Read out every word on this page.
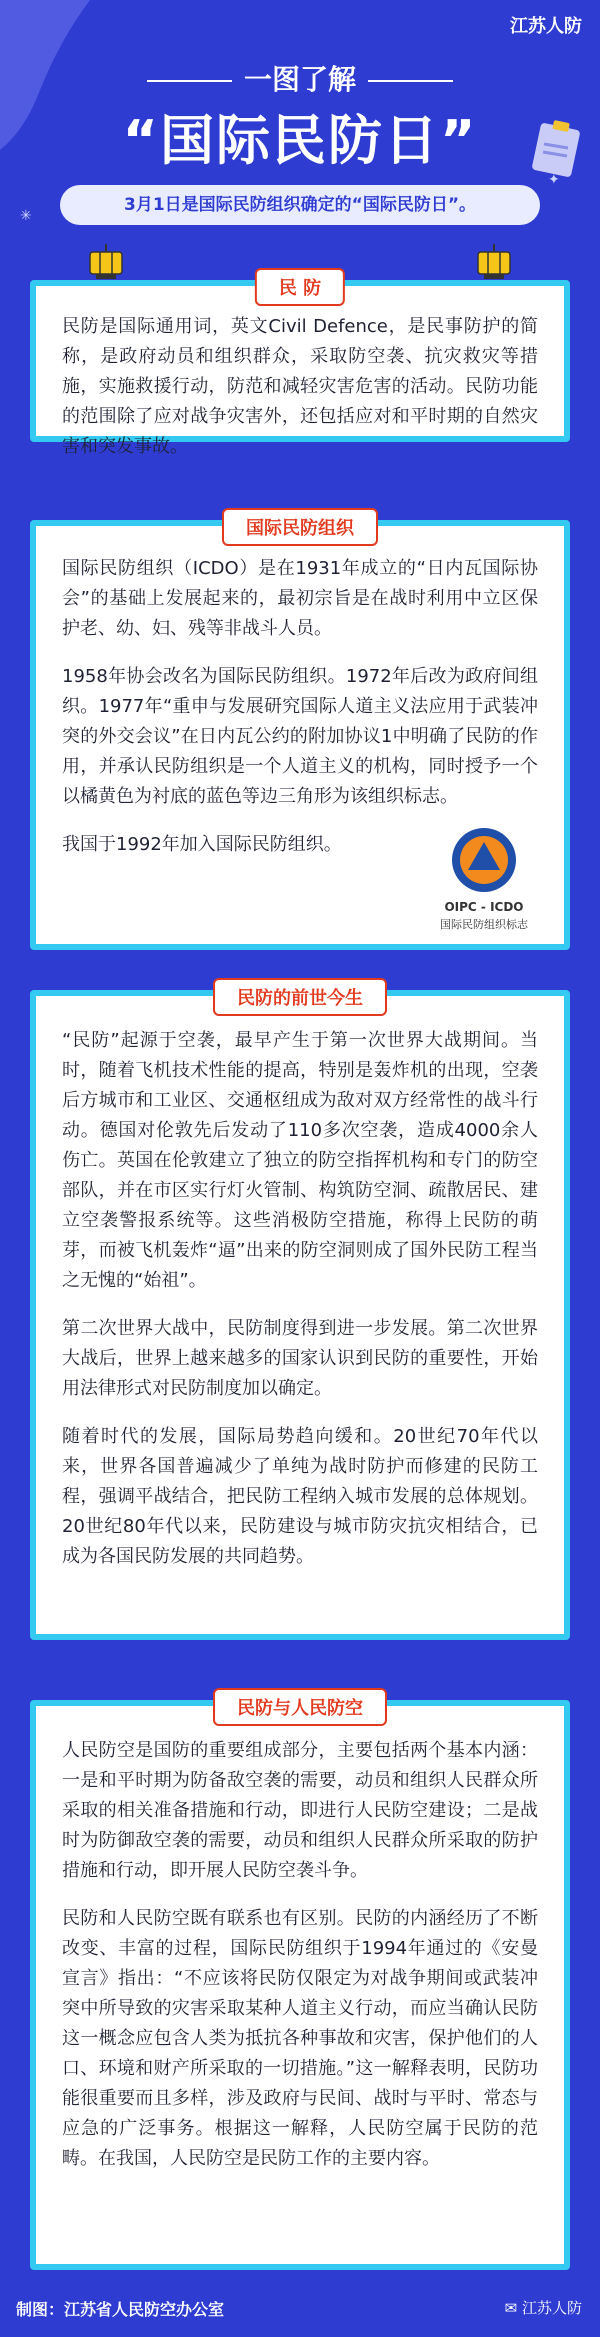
江苏人防
一图了解
“国际民防日”
✳
✦
3月1日是国际民防组织确定的“国际民防日”。
民 防

民防是国际通用词，英文Civil Defence，是民事防护的简称，是政府动员和组织群众，采取防空袭、抗灾救灾等措施，实施救援行动，防范和减轻灾害危害的活动。民防功能的范围除了应对战争灾害外，还包括应对和平时期的自然灾害和突发事故。

国际民防组织

国际民防组织（ICDO）是在1931年成立的“日内瓦国际协会”的基础上发展起来的，最初宗旨是在战时利用中立区保护老、幼、妇、残等非战斗人员。

1958年协会改名为国际民防组织。1972年后改为政府间组织。1977年“重申与发展研究国际人道主义法应用于武装冲突的外交会议”在日内瓦公约的附加协议1中明确了民防的作用，并承认民防组织是一个人道主义的机构，同时授予一个以橘黄色为衬底的蓝色等边三角形为该组织标志。

我国于1992年加入国际民防组织。

OIPC - ICDO
国际民防组织标志
民防的前世今生

“民防”起源于空袭，最早产生于第一次世界大战期间。当时，随着飞机技术性能的提高，特别是轰炸机的出现，空袭后方城市和工业区、交通枢纽成为敌对双方经常性的战斗行动。德国对伦敦先后发动了110多次空袭，造成4000余人伤亡。英国在伦敦建立了独立的防空指挥机构和专门的防空部队，并在市区实行灯火管制、构筑防空洞、疏散居民、建立空袭警报系统等。这些消极防空措施，称得上民防的萌芽，而被飞机轰炸“逼”出来的防空洞则成了国外民防工程当之无愧的“始祖”。

第二次世界大战中，民防制度得到进一步发展。第二次世界大战后，世界上越来越多的国家认识到民防的重要性，开始用法律形式对民防制度加以确定。

随着时代的发展，国际局势趋向缓和。20世纪70年代以来，世界各国普遍减少了单纯为战时防护而修建的民防工程，强调平战结合，把民防工程纳入城市发展的总体规划。20世纪80年代以来，民防建设与城市防灾抗灾相结合，已成为各国民防发展的共同趋势。

民防与人民防空

人民防空是国防的重要组成部分，主要包括两个基本内涵：一是和平时期为防备敌空袭的需要，动员和组织人民群众所采取的相关准备措施和行动，即进行人民防空建设；二是战时为防御敌空袭的需要，动员和组织人民群众所采取的防护措施和行动，即开展人民防空袭斗争。

民防和人民防空既有联系也有区别。民防的内涵经历了不断改变、丰富的过程，国际民防组织于1994年通过的《安曼宣言》指出：“不应该将民防仅限定为对战争期间或武装冲突中所导致的灾害采取某种人道主义行动，而应当确认民防这一概念应包含人类为抵抗各种事故和灾害，保护他们的人口、环境和财产所采取的一切措施。”这一解释表明，民防功能很重要而且多样，涉及政府与民间、战时与平时、常态与应急的广泛事务。根据这一解释，人民防空属于民防的范畴。在我国，人民防空是民防工作的主要内容。

制图：江苏省人民防空办公室	✉ 江苏人防
